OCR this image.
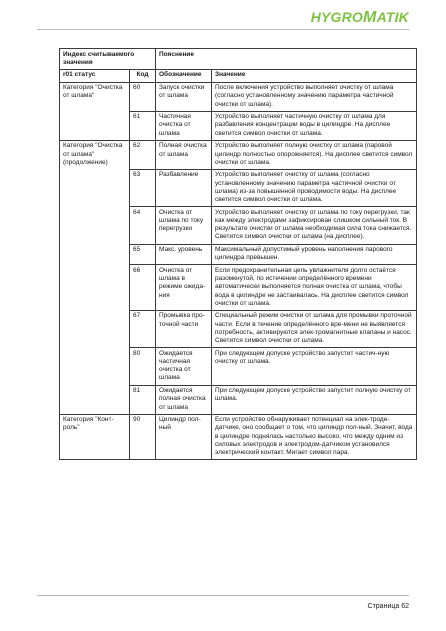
HYGROMATIK
Индекс считываемого значения		Пояснение	
r01 статус	Код	Обозначение	Значение
Категория "Очистка от шлама"	60	Запуск очистки от шлама	После включения устройство выполняет очистку от шлама (согласно установленному значению параметра частичной очистки от шлама).
	61	Частичная очистка от шлама	Устройство выполняет частичную очистку от шлама для разбавления концентрации воды в цилиндре. На дисплее светится символ очистки от шлама.
Категория "Очистка от шлама" (продолжение)	62	Полная очистка от шлама	Устройство выполняет полную очистку от шлама (паровой цилиндр полностью опорожняется). На дисплее светится символ очистки от шлама.
	63	Разбавление	Устройство выполняет очистку от шлама (согласно установленному значению параметра частичной очистки от шлама) из-за повышенной проводимости воды. На дисплее светится символ очистки от шлама.
	64	Очистка от шлама по току перегрузки	Устройство выполняет очистку от шлама по току перегрузки, так как между электродами зафиксирован слишком сильный ток. В результате очистки от шлама необходимая сила тока снижается. Светится символ очистки от шлама (на дисплее).
	65	Макс. уровень	Максимальный допустимый уровень наполнения парового цилиндра превышен.
	66	Очистка от шлама в режиме ожида-ния	Если предохранительная цепь увлажнителя долго остаётся разомкнутой, по истечении определённого времени автоматически выполняется полная очистка от шлама, чтобы вода в цилиндре не застаивалась. На дисплее светится символ очистки от шлама.
	67	Промывка про-точной части	Специальный режим очистки от шлама для промывки проточной части. Если в течение определённого вре-мени не выявляется потребность, активируются элек-тромагнитные клапаны и насос. Светится символ очистки от шлама.
	80	Ожидается частичная очистка от шлама	При следующем допуске устройство запустит частич-ную очистку от шлама.
	81	Ожидается полная очистка от шлама	При следующем допуске устройство запустит полную очистку от шлама.
Категория "Конт-роль"	90	Цилиндр пол-ный	Если устройство обнаруживает потенциал на элек-троде-датчике, оно сообщает о том, что цилиндр пол-ный. Значит, вода в цилиндре поднялась настолько высоко, что между одним из силовых электродов и электродом-датчиком установился электрический контакт. Мигает символ пара.
Страница 62
